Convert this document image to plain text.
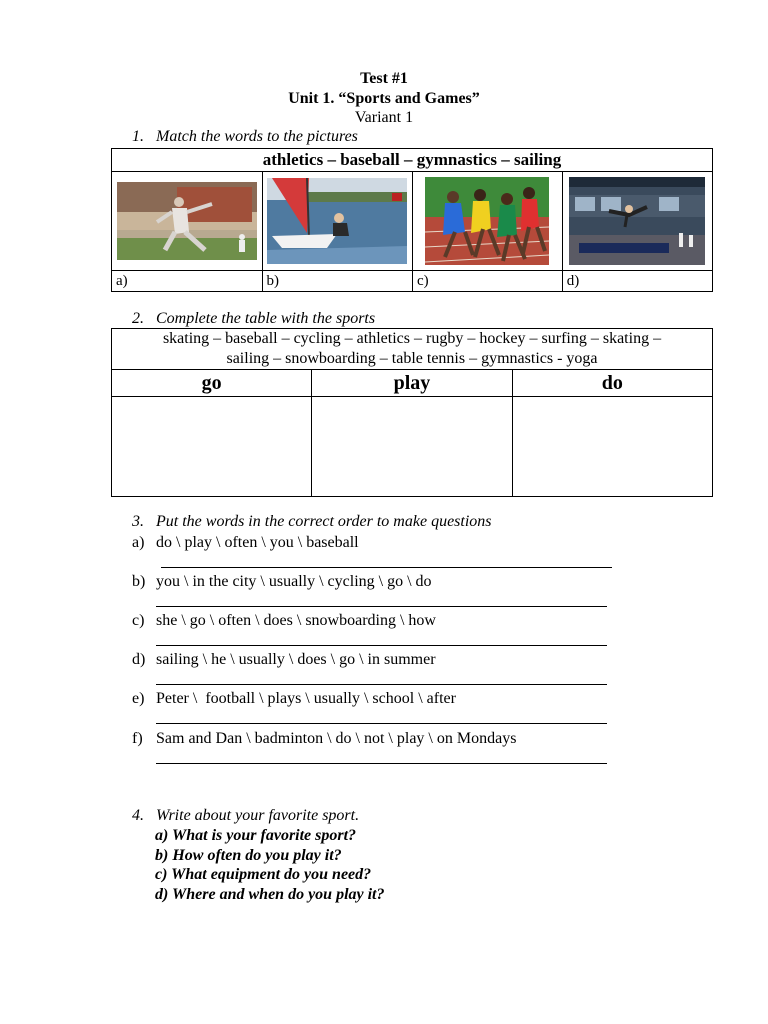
Test #1
Unit 1. “Sports and Games”
Variant 1
1. Match the words to the pictures
athletics – baseball – gymnastics – sailing			

a)	b)	c)	d)
2. Complete the table with the sports
skating – baseball – cycling – athletics – rugby – hockey – surfing – skating –
sailing – snowboarding – table tennis – gymnastics - yoga		

go	play	do

3. Put the words in the correct order to make questions
a) do \ play \ often \ you \ baseball
b) you \ in the city \ usually \ cycling \ go \ do
c) she \ go \ often \ does \ snowboarding \ how
d) sailing \ he \ usually \ does \ go \ in summer
e) Peter \  football \ plays \ usually \ school \ after
f) Sam and Dan \ badminton \ do \ not \ play \ on Mondays
4. Write about your favorite sport.
a) What is your favorite sport?
b) How often do you play it?
c) What equipment do you need?
d) Where and when do you play it?
